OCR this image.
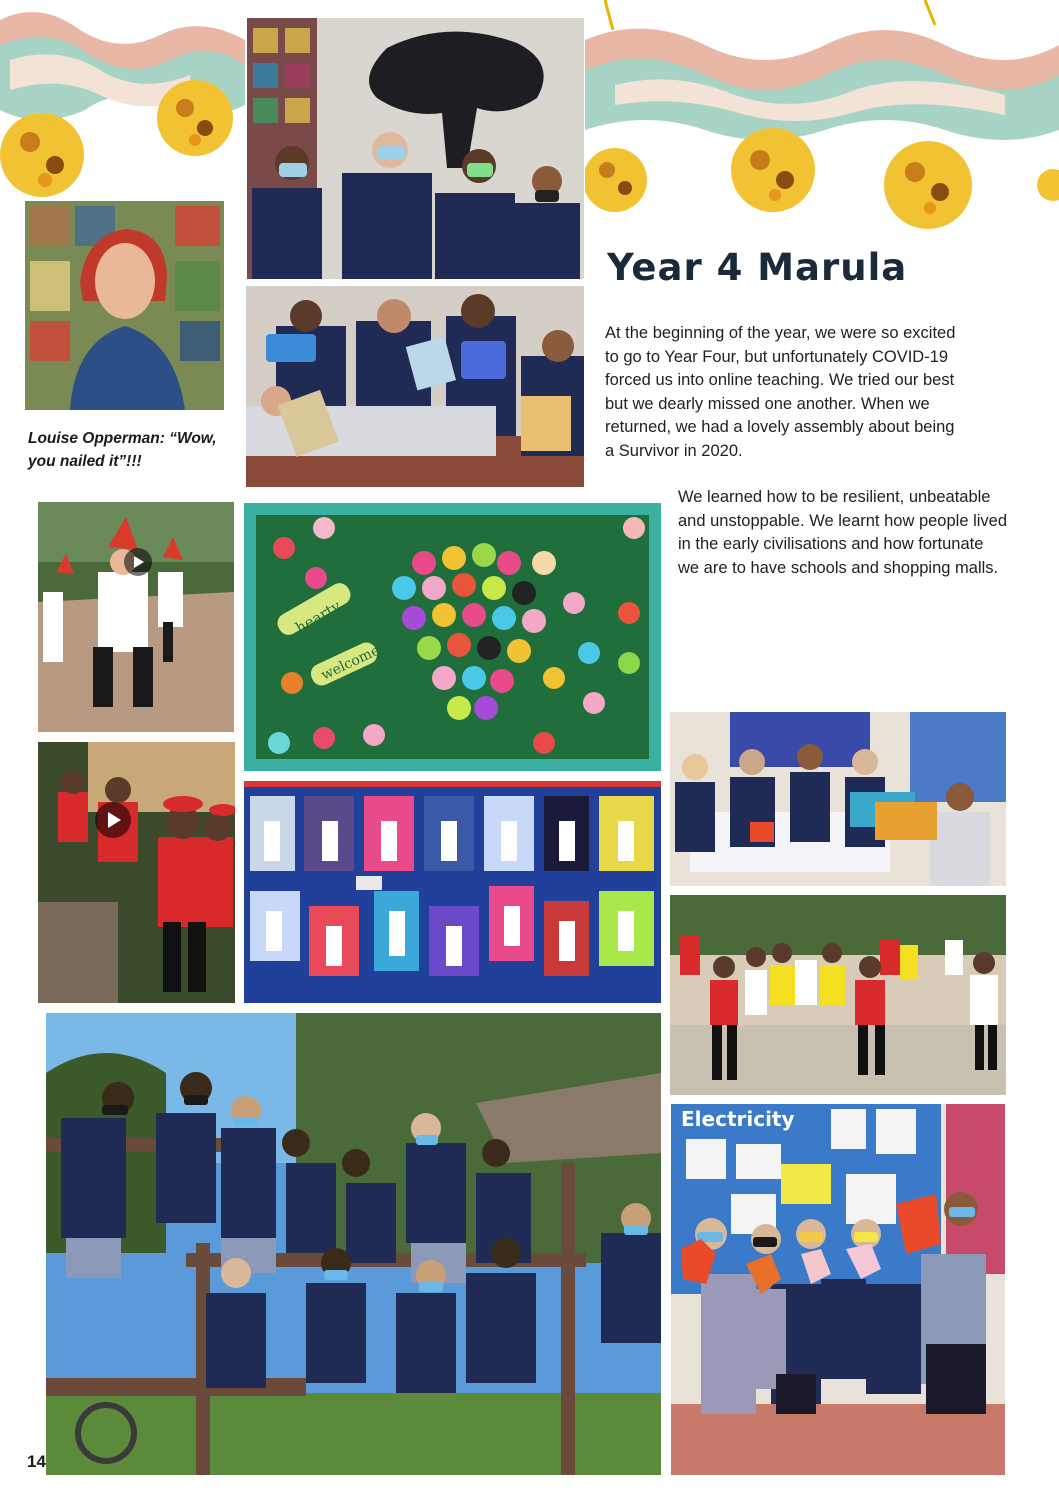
Year 4 Marula

At the beginning of the year, we were so excited to go to Year Four, but unfortunately COVID-19 forced us into online teaching. We tried our best but we dearly missed one another. When we returned, we had a lovely assembly about being a Survivor in 2020.

We learned how to be resilient, unbeatable and unstoppable. We learnt how people lived in the early civilisations and how fortunate we are to have schools and shopping malls.

Louise Opperman: “Wow, you nailed it”!!!

hearty
welcome
Electricity
14
